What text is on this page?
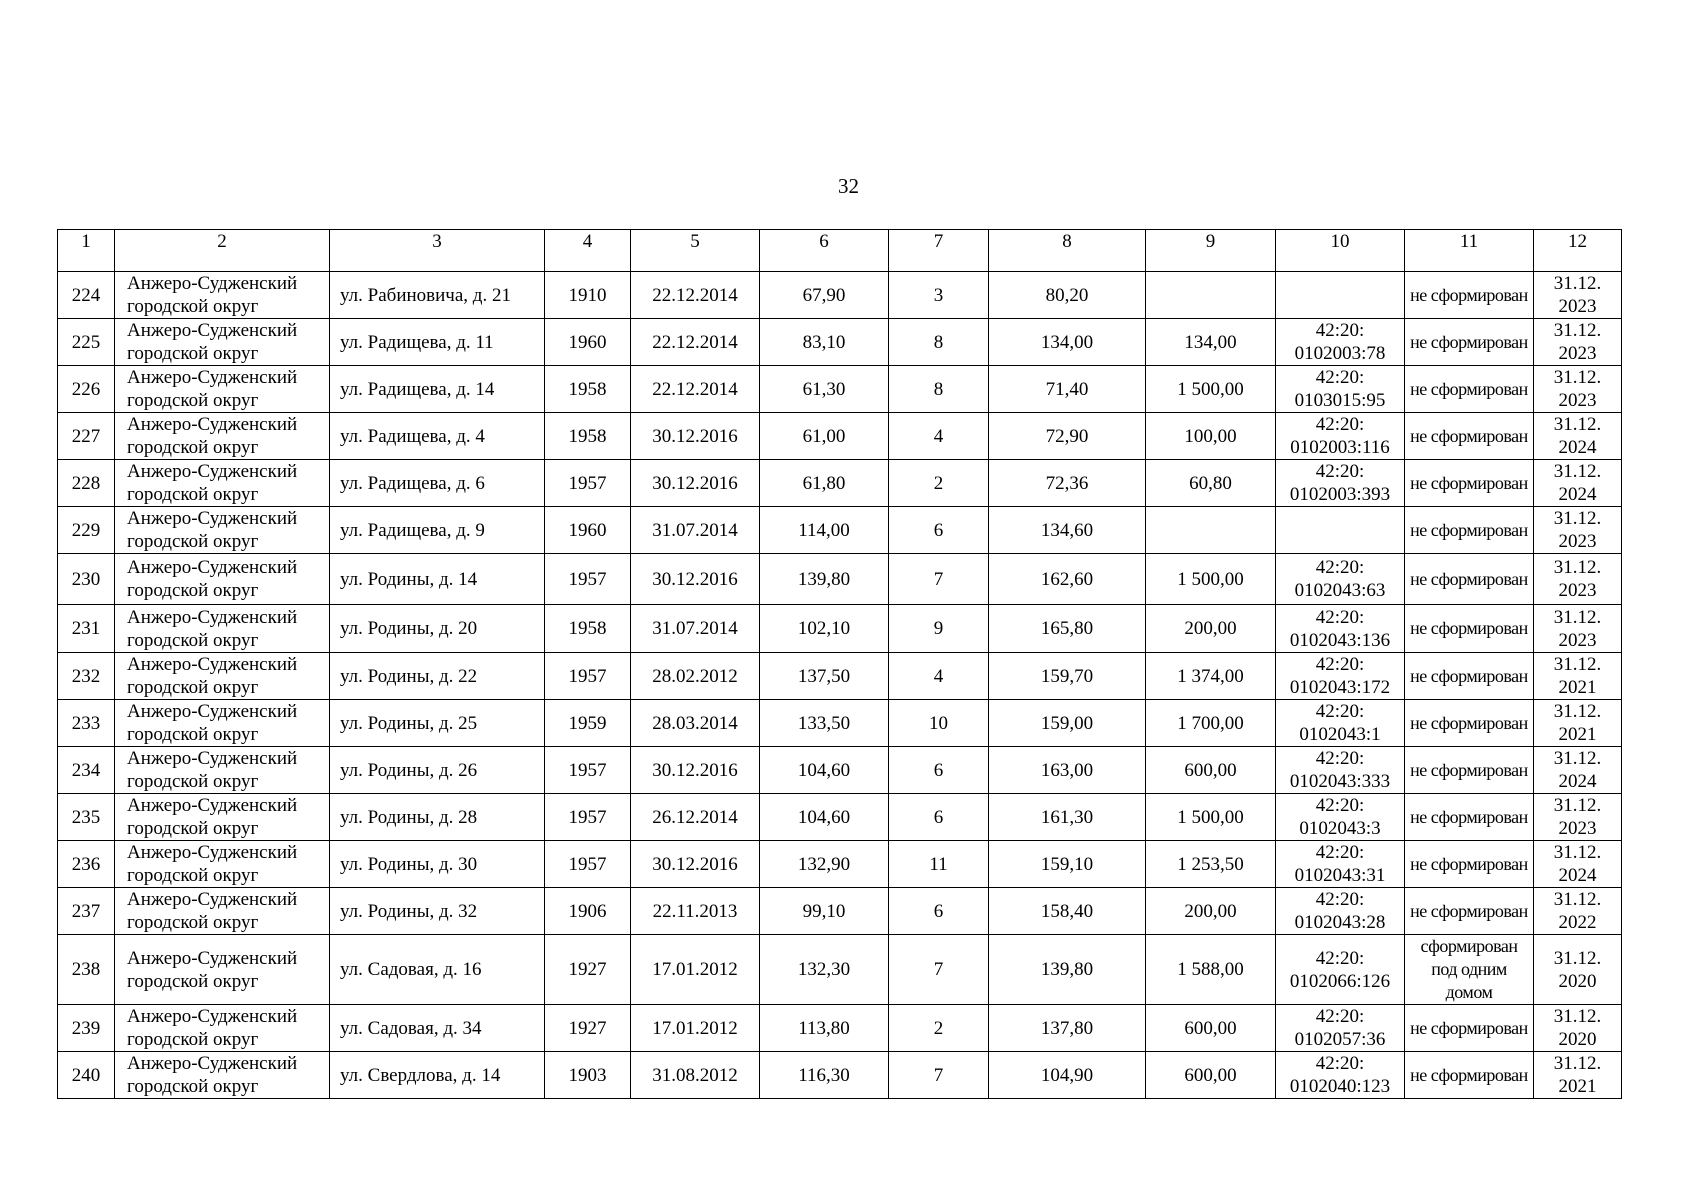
32
1	2	3	4	5	6	7	8	9	10	11	12
224	Анжеро-Судженский городской округ	ул. Рабиновича, д. 21	1910	22.12.2014	67,90	3	80,20			не сформирован	31.12. 2023
225	Анжеро-Судженский городской округ	ул. Радищева, д. 11	1960	22.12.2014	83,10	8	134,00	134,00	42:20: 0102003:78	не сформирован	31.12. 2023
226	Анжеро-Судженский городской округ	ул. Радищева, д. 14	1958	22.12.2014	61,30	8	71,40	1 500,00	42:20: 0103015:95	не сформирован	31.12. 2023
227	Анжеро-Судженский городской округ	ул. Радищева, д. 4	1958	30.12.2016	61,00	4	72,90	100,00	42:20: 0102003:116	не сформирован	31.12. 2024
228	Анжеро-Судженский городской округ	ул. Радищева, д. 6	1957	30.12.2016	61,80	2	72,36	60,80	42:20: 0102003:393	не сформирован	31.12. 2024
229	Анжеро-Судженский городской округ	ул. Радищева, д. 9	1960	31.07.2014	114,00	6	134,60			не сформирован	31.12. 2023
230	Анжеро-Судженский городской округ	ул. Родины, д. 14	1957	30.12.2016	139,80	7	162,60	1 500,00	42:20: 0102043:63	не сформирован	31.12. 2023
231	Анжеро-Судженский городской округ	ул. Родины, д. 20	1958	31.07.2014	102,10	9	165,80	200,00	42:20: 0102043:136	не сформирован	31.12. 2023
232	Анжеро-Судженский городской округ	ул. Родины, д. 22	1957	28.02.2012	137,50	4	159,70	1 374,00	42:20: 0102043:172	не сформирован	31.12. 2021
233	Анжеро-Судженский городской округ	ул. Родины, д. 25	1959	28.03.2014	133,50	10	159,00	1 700,00	42:20: 0102043:1	не сформирован	31.12. 2021
234	Анжеро-Судженский городской округ	ул. Родины, д. 26	1957	30.12.2016	104,60	6	163,00	600,00	42:20: 0102043:333	не сформирован	31.12. 2024
235	Анжеро-Судженский городской округ	ул. Родины, д. 28	1957	26.12.2014	104,60	6	161,30	1 500,00	42:20: 0102043:3	не сформирован	31.12. 2023
236	Анжеро-Судженский городской округ	ул. Родины, д. 30	1957	30.12.2016	132,90	11	159,10	1 253,50	42:20: 0102043:31	не сформирован	31.12. 2024
237	Анжеро-Судженский городской округ	ул. Родины, д. 32	1906	22.11.2013	99,10	6	158,40	200,00	42:20: 0102043:28	не сформирован	31.12. 2022
238	Анжеро-Судженский городской округ	ул. Садовая, д. 16	1927	17.01.2012	132,30	7	139,80	1 588,00	42:20: 0102066:126	сформирован под одним домом	31.12. 2020
239	Анжеро-Судженский городской округ	ул. Садовая, д. 34	1927	17.01.2012	113,80	2	137,80	600,00	42:20: 0102057:36	не сформирован	31.12. 2020
240	Анжеро-Судженский городской округ	ул. Свердлова, д. 14	1903	31.08.2012	116,30	7	104,90	600,00	42:20: 0102040:123	не сформирован	31.12. 2021
